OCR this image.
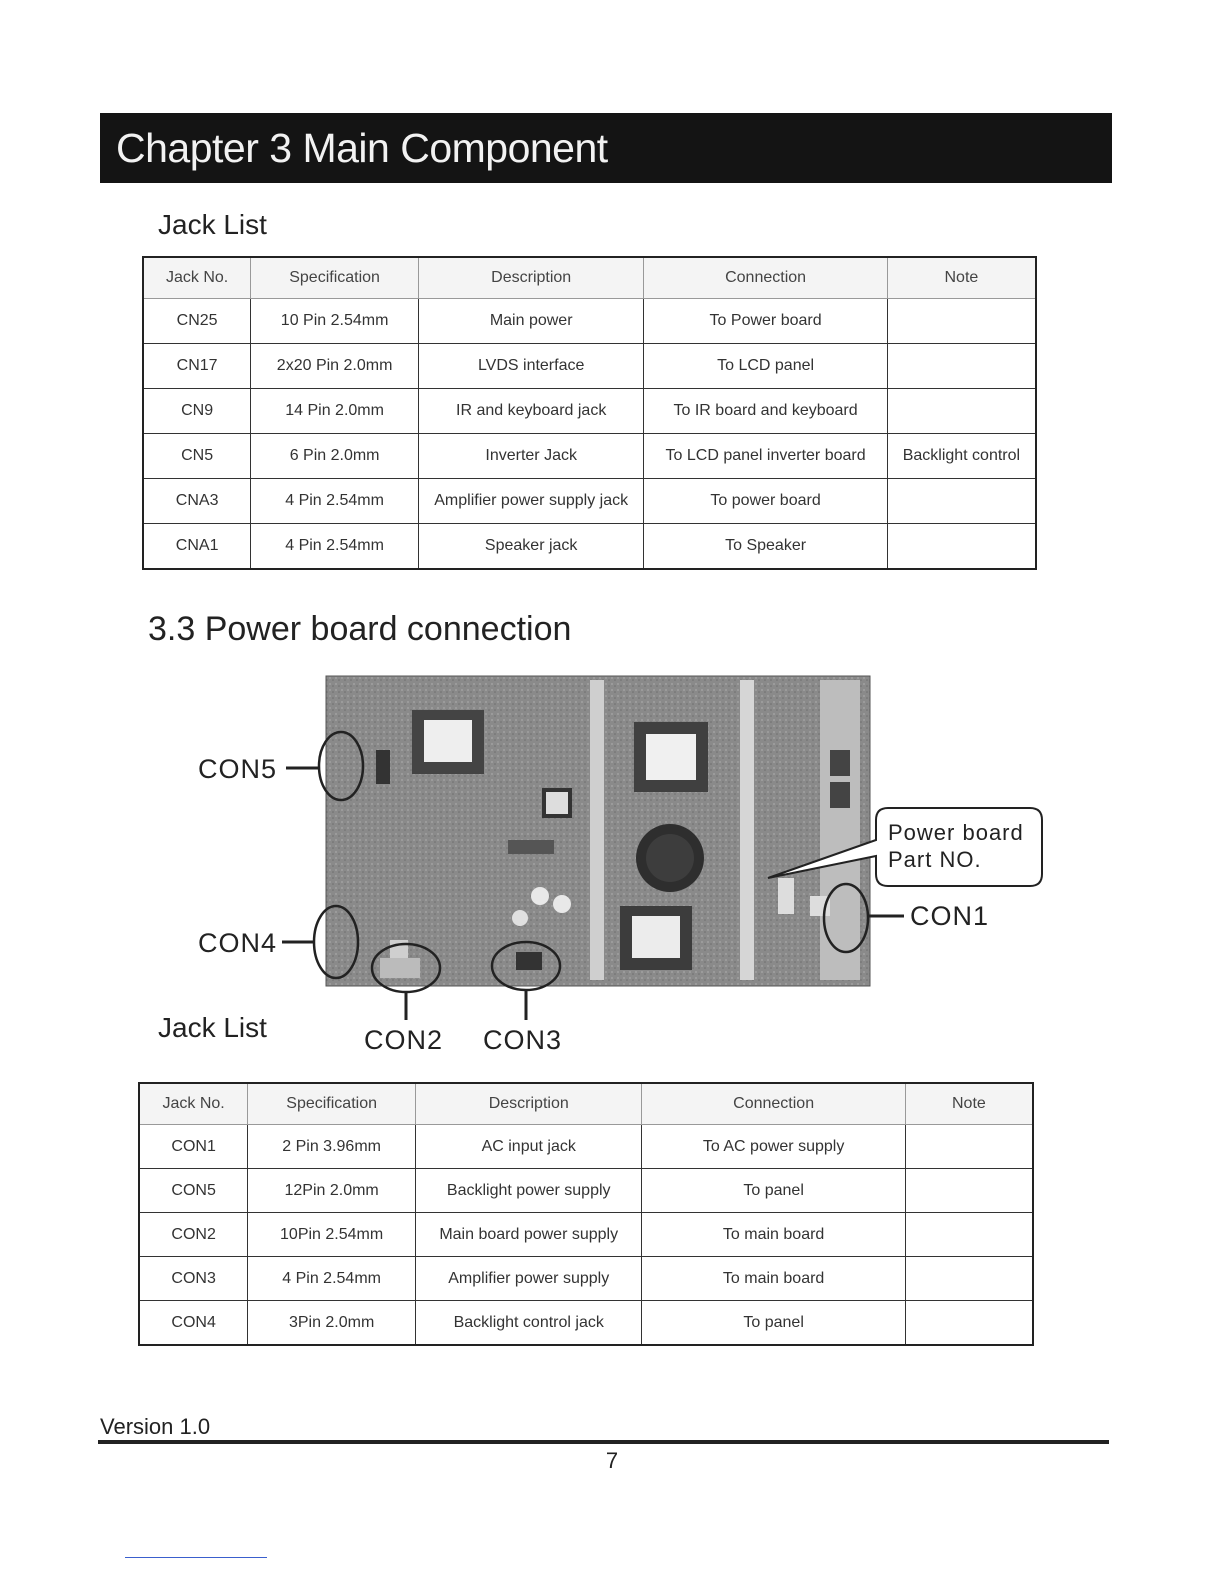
Chapter 3 Main Component
Jack List
Jack No.	Specification	Description	Connection	Note
CN25	10 Pin 2.54mm	Main power	To Power board	
CN17	2x20 Pin 2.0mm	LVDS interface	To LCD panel	
CN9	14 Pin 2.0mm	IR and keyboard jack	To IR board and keyboard	
CN5	6 Pin 2.0mm	Inverter Jack	To LCD panel inverter board	Backlight control
CNA3	4 Pin 2.54mm	Amplifier power supply jack	To power board	
CNA1	4 Pin 2.54mm	Speaker jack	To Speaker	
3.3 Power board connection
CON5
CON4
CON2 CON3
CON1
Power board
Part NO.
Jack List
Jack No.	Specification	Description	Connection	Note
CON1	2 Pin 3.96mm	AC input jack	To AC power supply	
CON5	12Pin 2.0mm	Backlight power supply	To panel	
CON2	10Pin 2.54mm	Main board power supply	To main board	
CON3	4 Pin 2.54mm	Amplifier power supply	To main board	
CON4	3Pin 2.0mm	Backlight control jack	To panel	
Version 1.0
7
